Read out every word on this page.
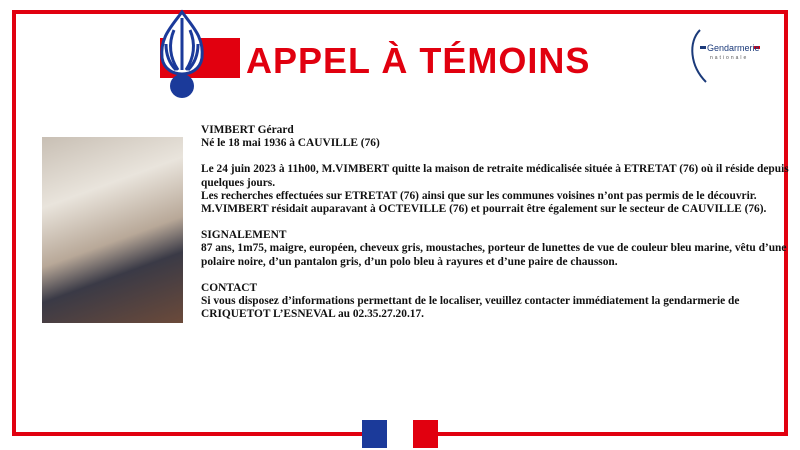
APPEL À TÉMOINS	Gendarmerie
nationale

VIMBERT Gérard
Né le 18 mai 1936 à CAUVILLE (76)

Le 24 juin 2023 à 11h00, M.VIMBERT quitte la maison de retraite médicalisée située à ETRETAT (76) où il réside depuis quelques jours.
Les recherches effectuées sur ETRETAT (76) ainsi que sur les communes voisines n’ont pas permis de le découvrir.
M.VIMBERT résidait auparavant à OCTEVILLE (76) et pourrait être également sur le secteur de CAUVILLE (76).

SIGNALEMENT
87 ans, 1m75, maigre, européen, cheveux gris, moustaches, porteur de lunettes de vue de couleur bleu marine, vêtu d’une polaire noire, d’un pantalon gris, d’un polo bleu à rayures et d’une paire de chausson.

CONTACT
Si vous disposez d’informations permettant de le localiser, veuillez contacter immédiatement la gendarmerie de CRIQUETOT L’ESNEVAL au 02.35.27.20.17.
